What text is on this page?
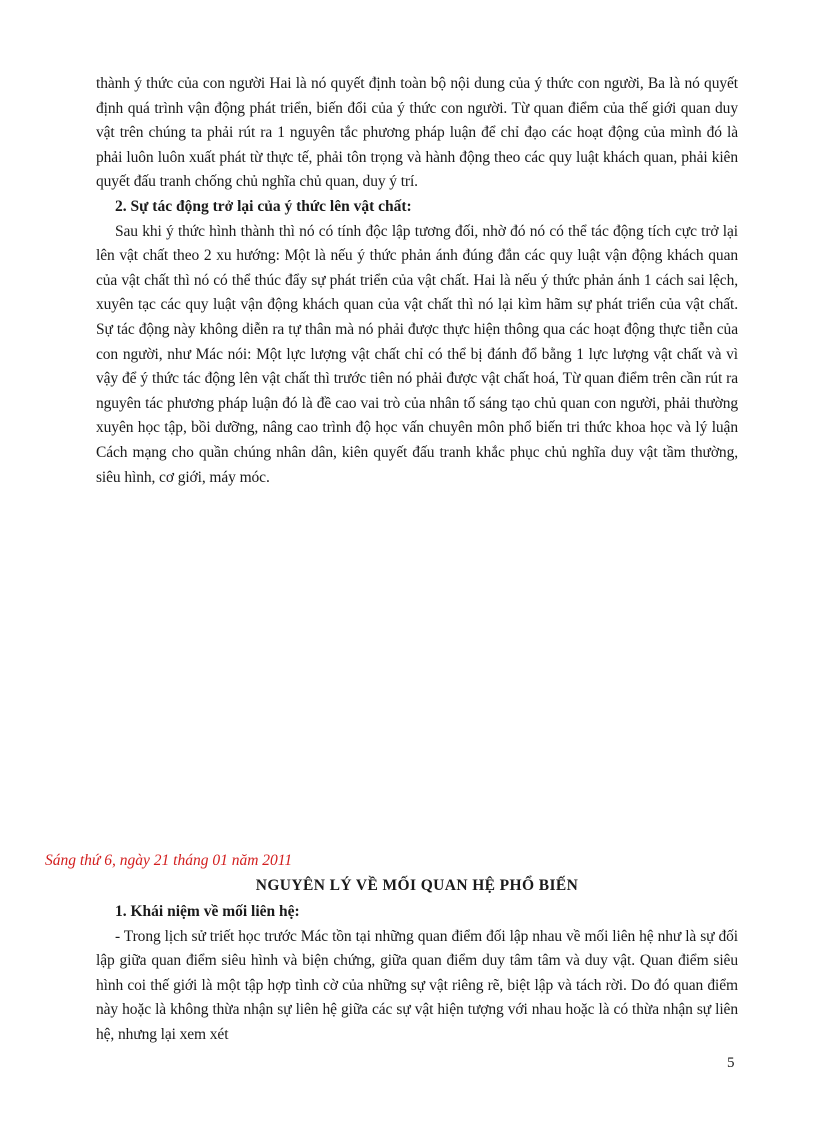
thành ý thức của con người Hai là nó quyết định toàn bộ nội dung của ý thức con người, Ba là nó quyết định quá trình vận động phát triển, biến đổi của ý thức con người. Từ quan điểm của thế giới quan duy vật trên chúng ta phải rút ra 1 nguyên tắc phương pháp luận để chỉ đạo các hoạt động của mình đó là phải luôn luôn xuất phát từ thực tế, phải tôn trọng và hành động theo các quy luật khách quan, phải kiên quyết đấu tranh chống chủ nghĩa chủ quan, duy ý trí.

2. Sự tác động trở lại của ý thức lên vật chất:

Sau khi ý thức hình thành thì nó có tính độc lập tương đối, nhờ đó nó có thể tác động tích cực trở lại lên vật chất theo 2 xu hướng: Một là nếu ý thức phản ánh đúng đắn các quy luật vận động khách quan của vật chất thì nó có thể thúc đẩy sự phát triển của vật chất. Hai là nếu ý thức phản ánh 1 cách sai lệch, xuyên tạc các quy luật vận động khách quan của vật chất thì nó lại kìm hãm sự phát triển của vật chất. Sự tác động này không diễn ra tự thân mà nó phải được thực hiện thông qua các hoạt động thực tiễn của con người, như Mác nói: Một lực lượng vật chất chỉ có thể bị đánh đổ bằng 1 lực lượng vật chất và vì vậy để ý thức tác động lên vật chất thì trước tiên nó phải được vật chất hoá, Từ quan điểm trên cần rút ra nguyên tác phương pháp luận đó là đề cao vai trò của nhân tố sáng tạo chủ quan con người, phải thường xuyên học tập, bồi dưỡng, nâng cao trình độ học vấn chuyên môn phổ biến tri thức khoa học và lý luận Cách mạng cho quần chúng nhân dân, kiên quyết đấu tranh khắc phục chủ nghĩa duy vật tầm thường, siêu hình, cơ giới, máy móc.

Sáng thứ 6, ngày 21 tháng 01 năm 2011
NGUYÊN LÝ VỀ MỐI QUAN HỆ PHỔ BIẾN

1. Khái niệm về mối liên hệ:

- Trong lịch sử triết học trước Mác tồn tại những quan điểm đối lập nhau về mối liên hệ như là sự đối lập giữa quan điểm siêu hình và biện chứng, giữa quan điểm duy tâm tâm và duy vật. Quan điểm siêu hình coi thế giới là một tập hợp tình cờ của những sự vật riêng rẽ, biệt lập và tách rời. Do đó quan điểm này hoặc là không thừa nhận sự liên hệ giữa các sự vật hiện tượng với nhau hoặc là có thừa nhận sự liên hệ, nhưng lại xem xét

5
